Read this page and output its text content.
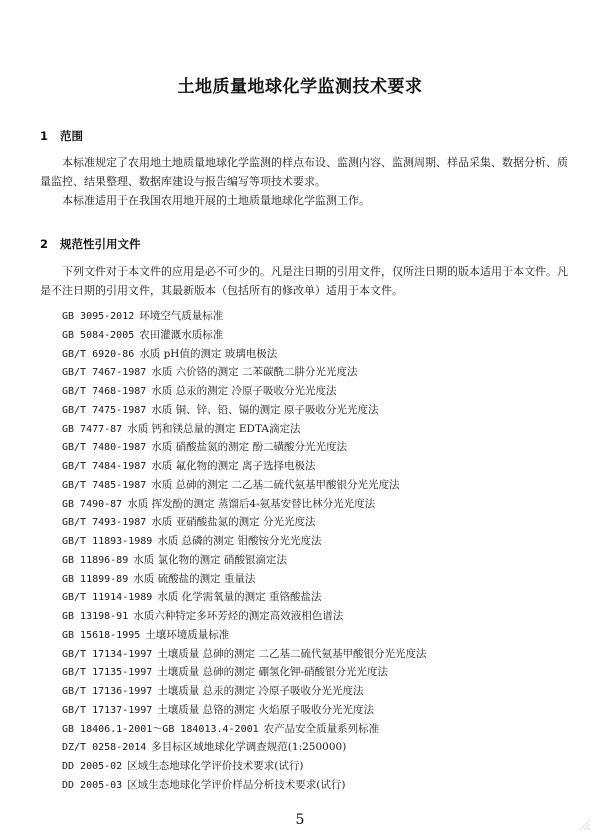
土地质量地球化学监测技术要求
1 范围

本标准规定了农用地土地质量地球化学监测的样点布设、监测内容、监测周期、样品采集、数据分析、质量监控、结果整理、数据库建设与报告编写等项技术要求。

本标准适用于在我国农用地开展的土地质量地球化学监测工作。

2 规范性引用文件

下列文件对于本文件的应用是必不可少的。凡是注日期的引用文件，仅所注日期的版本适用于本文件。凡是不注日期的引用文件，其最新版本（包括所有的修改单）适用于本文件。

GB 3095-2012 环境空气质量标准
GB 5084-2005 农田灌溉水质标准
GB/T 6920-86 水质 pH值的测定 玻璃电极法
GB/T 7467-1987 水质 六价铬的测定 二苯碳酰二肼分光光度法
GB/T 7468-1987 水质 总汞的测定 冷原子吸收分光光度法
GB/T 7475-1987 水质 铜、锌、铅、镉的测定 原子吸收分光光度法
GB 7477-87 水质 钙和镁总量的测定 EDTA滴定法
GB/T 7480-1987 水质 硝酸盐氮的测定 酚二磺酸分光光度法
GB/T 7484-1987 水质 氟化物的测定 离子选择电极法
GB/T 7485-1987 水质 总砷的测定 二乙基二硫代氨基甲酸银分光光度法
GB 7490-87 水质 挥发酚的测定 蒸馏后4-氨基安替比林分光光度法
GB/T 7493-1987 水质 亚硝酸盐氮的测定 分光光度法
GB/T 11893-1989 水质 总磷的测定 钼酸铵分光光度法
GB 11896-89 水质 氯化物的测定 硝酸银滴定法
GB 11899-89 水质 硫酸盐的测定 重量法
GB/T 11914-1989 水质 化学需氧量的测定 重铬酸盐法
GB 13198-91 水质六种特定多环芳烃的测定高效液相色谱法
GB 15618-1995 土壤环境质量标准
GB/T 17134-1997 土壤质量 总砷的测定 二乙基二硫代氨基甲酸银分光光度法
GB/T 17135-1997 土壤质量 总砷的测定 硼氢化钾-硝酸银分光光度法
GB/T 17136-1997 土壤质量 总汞的测定 冷原子吸收分光光度法
GB/T 17137-1997 土壤质量 总铬的测定 火焰原子吸收分光光度法
GB 18406.1-2001～GB 184013.4-2001 农产品安全质量系列标准
DZ/T 0258-2014 多目标区域地球化学调查规范(1:250000)
DD 2005-02 区域生态地球化学评价技术要求(试行)
DD 2005-03 区域生态地球化学评价样品分析技术要求(试行)
5
